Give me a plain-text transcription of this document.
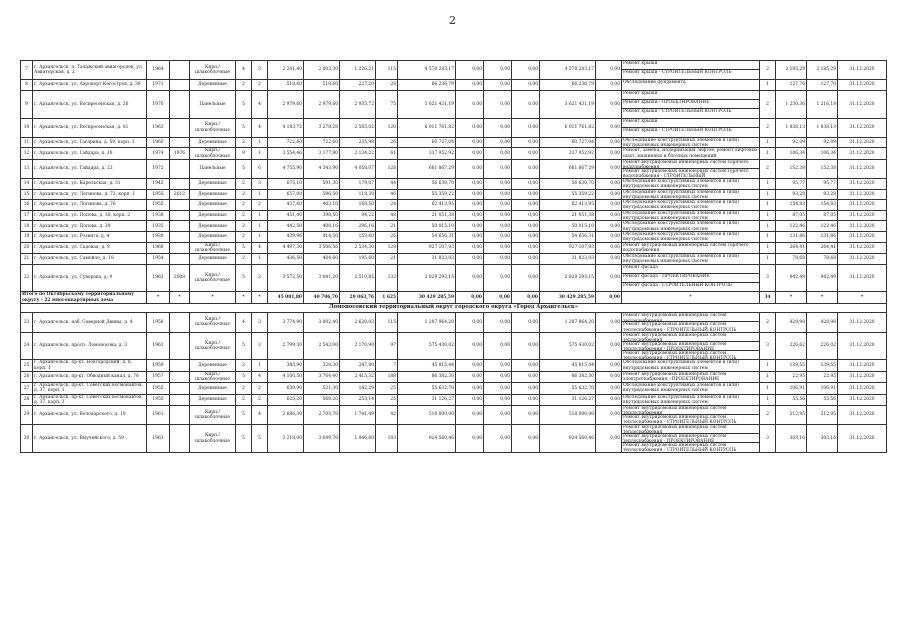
2
7	г. Архангельск, п. Талажский авиагородок, ул. Авиаторская, д. 2	1964		Кирп./шлакоблочные	4	3	2 241,40	2 003,30	1 226,21	115	4 570 283,17	0,00	0,00	0,00	4 570 283,17	0,00	Ремонт крыши
Ремонт крыши - СТРОИТЕЛЬНЫЙ КОНТРОЛЬ	2	2 185,29	2 185,29	31.12.2020
8	г. Архангельск, ул. Аэропорт Кегостров, д. 39	1971		Деревянные	2	2	518,60	518,60	227,20	28	66 236,79	0,00	0,00	0,00	66 236,79	0,00	Обследование фундамента	1	127,76	127,70	31.12.2020
9	г. Архангельск, ул. Воскресенская, д. 26	1970		Панельные	5	4	2 979,60	2 979,60	2 935,72	75	3 621 431,19	0,00	0,00	0,00	3 621 431,19	0,00	Ремонт крыши
Ремонт крыши - ПРОЕКТИРОВАНИЕ
Ремонт крыши - СТРОИТЕЛЬНЫЙ КОНТРОЛЬ	2	1 230,36	1 216,18	31.12.2020
10	г. Архангельск, ул. Воскресенская, д. 81	1963		Кирп./шлакоблочные	5	4	4 183,72	3 278,28	2 585,02	120	6 011 761,82	0,00	0,00	0,00	6 011 761,82	0,00	Ремонт крыши
Ремонт крыши - СТРОИТЕЛЬНЫЙ КОНТРОЛЬ	2	1 838,13	1 838,13	31.12.2020
11	г. Архангельск, ул. Гагарина, д. 59, корп. 1	1960		Деревянные	2	1	722,60	722,60	235,98	26	60 727,04	0,00	0,00	0,00	60 727,04	0,00	Обследование конструктивных элементов и (или) внутридомовых инженерных систем	1	92,09	92,09	31.12.2020
12	г. Архангельск, ул. Гайдара, д. 18	1974	1976	Кирп./шлакоблочные	9	1	3 554,46	3 177,80	2 134,22	61	337 952,92	0,00	0,00	0,00	337 952,92	0,00	Ремонт, замена, модернизация лифтов, ремонт лифтовых шахт, машинных и блочных помещений	1	106,34	106,34	31.12.2020
13	г. Архангельск, ул. Гайдара, д. 23	1972		Панельные	5	6	4 755,90	4 343,90	4 058,07	128	661 867,29	0,00	0,00	0,00	661 867,29	0,00	Ремонт внутридомовых инженерных систем горячего водоснабжения
Ремонт внутридомовых инженерных систем горячего водоснабжения - СТРОИТЕЛЬНЫЙ	2	152,38	152,38	31.12.2020
14	г. Архангельск, ул. Карельская, д. 31	1942		Деревянные	2	3	675,10	591,30	179,07	44	56 630,70	0,00	0,00	0,00	56 630,70	0,00	Обследование конструктивных элементов и (или) внутридомовых инженерных систем	1	95,77	95,77	31.12.2020
15	г. Архангельск, ул. Логинова, д. 72, корп. 1	1955	2012	Деревянные	2	1	657,00	596,50	118,30	46	55 359,22	0,00	0,00	0,00	55 359,22	0,00	Обследование конструктивных элементов и (или) внутридомовых инженерных систем	1	93,28	93,28	31.12.2020
16	г. Архангельск, ул. Логинова, д. 76	1955		Деревянные	2	2	437,60	403,10	168,50	24	62 413,95	0,00	0,00	0,00	62 413,95	0,00	Обследование конструктивных элементов и (или) внутридомовых инженерных систем	1	154,83	154,83	31.12.2020
17	г. Архангельск, ул. Попова, д. 38, корп. 2	1938		Деревянные	2	1	451,40	398,50	94,22	48	21 051,38	0,00	0,00	0,00	21 051,38	0,00	Обследование конструктивных элементов и (или) внутридомовых инженерных систем	1	87,05	87,05	31.12.2020
18	г. Архангельск, ул. Попова, д. 39	1935		Деревянные	2	1	442,50	408,16	296,16	21	50 015,10	0,00	0,00	0,00	50 015,10	0,00	Обследование конструктивных элементов и (или) внутридомовых инженерных систем	1	122,46	122,46	31.12.2020
19	г. Архангельск, ул. Розинга, д. 4	1939		Деревянные	2	1	439,96	414,50	153,60	26	54 656,31	0,00	0,00	0,00	54 656,31	0,00	Обследование конструктивных элементов и (или) внутридомовых инженерных систем	1	131,86	131,86	31.12.2020
20	г. Архангельск, ул. Садовая, д. 9	1968		Кирп./шлакоблочные	5	4	4 497,30	3 506,56	2 534,30	129	927 107,93	0,00	0,00	0,00	927 107,93	0,00	Ремонт внутридомовых инженерных систем горячего водоснабжения	1	264,41	264,41	31.12.2020
21	г. Архангельск, ул. Самойло, д. 18	1954		Деревянные	2	1	436,50	404,60	195,60	21	31 823,03	0,00	0,00	0,00	31 823,03	0,00	Обследование конструктивных элементов и (или) внутридомовых инженерных систем	1	78,68	78,68	31.12.2020
22	г. Архангельск, ул. Суворова, д. 9	1963	2008	Кирп./шлакоблочные	5	2	3 572,50	3 041,20	2 510,85	132	2 829 293,15	0,00	0,00	0,00	2 829 293,15	0,00	Ремонт фасада
Ремонт фасада - ПРОЕКТИРОВАНИЕ
Ремонт фасада - СТРОИТЕЛЬНЫЙ КОНТРОЛЬ	3	942,49	942,49	31.12.2020
Итого по Октябрьскому территориальному округу - 22 многоквартирных дома		*	*	*	*	*	45 081,80	40 706,70	29 063,76	1 625	30 429 285,59	0,00	0,00	0,00	30 429 285,59	0,00	*	34	*	*	*
Ломоносовский территориальный округ городского округа «Город Архангельск»																					
23	г. Архангельск, наб. Северной Двины, д. 4	1958		Кирп./шлакоблочные	4	3	3 774,90	3 002,40	2 620,03	115	1 287 964,20	0,00	0,00	0,00	1 287 964,20	0,00	Ремонт внутридомовых инженерных систем теплоснабжения
Ремонт внутридомовых инженерных систем теплоснабжения - СТРОИТЕЛЬНЫЙ КОНТРОЛЬ	2	428,98	428,98	31.12.2020
24	г. Архангельск, просп. Ломоносова, д. 3	1961		Кирп./шлакоблочные	5	3	2 799,30	2 543,00	2 170,90	97	575 430,02	0,00	0,00	0,00	575 430,02	0,00	Ремонт внутридомовых инженерных систем теплоснабжения
Ремонт внутридомовых инженерных систем теплоснабжения - ПРОЕКТИРОВАНИЕ
Ремонт внутридомовых инженерных систем теплоснабжения - СТРОИТЕЛЬНЫЙ КОНТРОЛЬ	3	226,62	226,02	31.12.2020
25	г. Архангельск, пр-кт. Новгородский, д. 8, корп. 1	1959		Деревянные	2	1	345,90	328,30	247,80	7	45 815,44	0,00	0,00	0,00	45 815,44	0,00	Обследование конструктивных элементов и (или) внутридомовых инженерных систем	1	139,55	139,55	31.12.2020
26	г. Архангельск, пр-кт. Обводный канал, д. 76	1957		Кирп./шлакоблочные	5	4	4 100,50	3 764,40	2 415,32	188	86 382,30	0,00	0,00	0,00	86 382,30	0,00	Ремонт внутридомовых инженерных систем электроснабжения - ПРОЕКТИРОВАНИЕ	1	22,95	22,95	31.12.2020
27	г. Архангельск, пр-кт. Советских космонавтов, д. 37, корп. 1	1955		Деревянные	2	2	639,90	521,30	142,29	25	55 632,70	0,00	0,00	0,00	55 632,70	0,00	Обследование конструктивных элементов и (или) внутридомовых инженерных систем	1	106,91	106,91	31.12.2020
28	г. Архангельск, пр-кт. Советских космонавтов, д. 37, корп. 3	1955		Деревянные	2	2	625,20	560,20	253,14	25	31 126,27	0,00	0,00	0,00	31 126,27	0,00	Обследование конструктивных элементов и (или) внутридомовых инженерных систем	1	55,56	55,56	31.12.2020
29	г. Архангельск, ул. Володарского, д. 19	1961		Кирп./шлакоблочные	5	4	2 686,30	2 703,70	1 741,49	42	510 000,00	0,00	0,00	0,00	510 000,00	0,00	Ремонт внутридомовых инженерных систем теплоснабжения
Ремонт внутридомовых инженерных систем теплоснабжения - СТРОИТЕЛЬНЫЙ КОНТРОЛЬ	2	212,95	212,95	31.12.2020
30	г. Архангельск, ул. Выучейского, д. 59	1963		Кирп./шлакоблочные	5	5	3 218,00	3 049,70	1 946,60	183	924 560,46	0,00	0,00	0,00	924 560,46	0,00	Ремонт внутридомовых инженерных систем теплоснабжения
Ремонт внутридомовых инженерных систем теплоснабжения - ПРОЕКТИРОВАНИЕ
Ремонт внутридомовых инженерных систем теплоснабжения - СТРОИТЕЛЬНЫЙ КОНТРОЛЬ	3	303,16	303,16	31.12.2020
